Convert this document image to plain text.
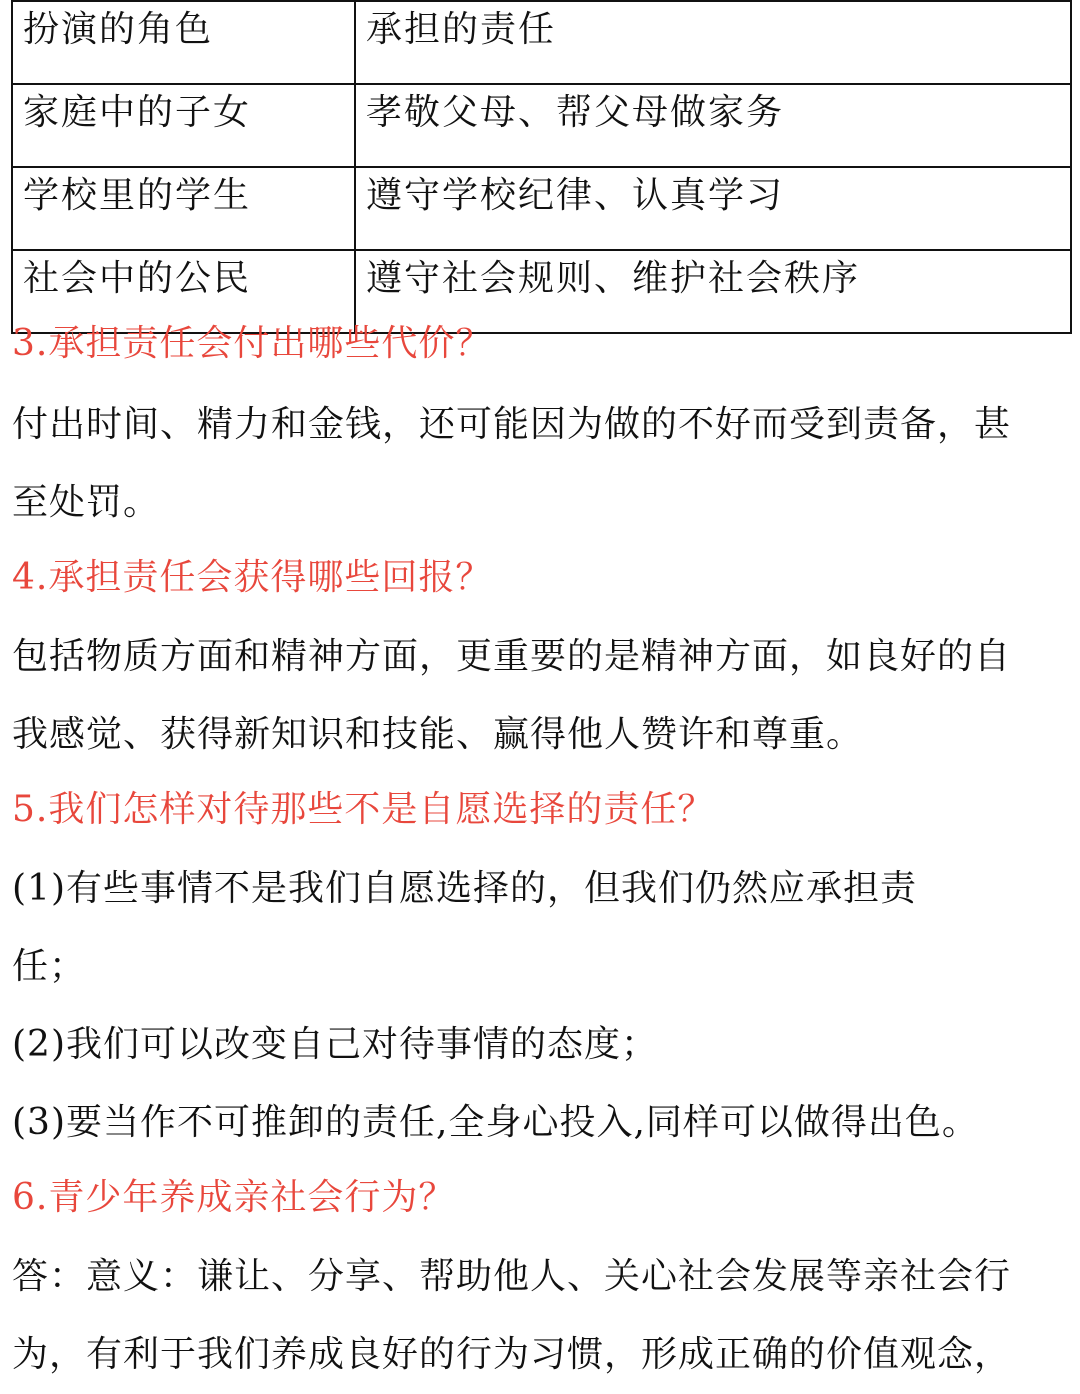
扮演的角色	承担的责任
家庭中的子女	孝敬父母、帮父母做家务
学校里的学生	遵守学校纪律、认真学习
社会中的公民	遵守社会规则、维护社会秩序
3.承担责任会付出哪些代价？
付出时间、精力和金钱，还可能因为做的不好而受到责备，甚
至处罚。
4.承担责任会获得哪些回报？
包括物质方面和精神方面，更重要的是精神方面，如良好的自
我感觉、获得新知识和技能、赢得他人赞许和尊重。
5.我们怎样对待那些不是自愿选择的责任？
(1)有些事情不是我们自愿选择的，但我们仍然应承担责
任；
(2)我们可以改变自己对待事情的态度；
(3)要当作不可推卸的责任,全身心投入,同样可以做得出色。
6.青少年养成亲社会行为？
答：意义：谦让、分享、帮助他人、关心社会发展等亲社会行
为，有利于我们养成良好的行为习惯，形成正确的价值观念，
